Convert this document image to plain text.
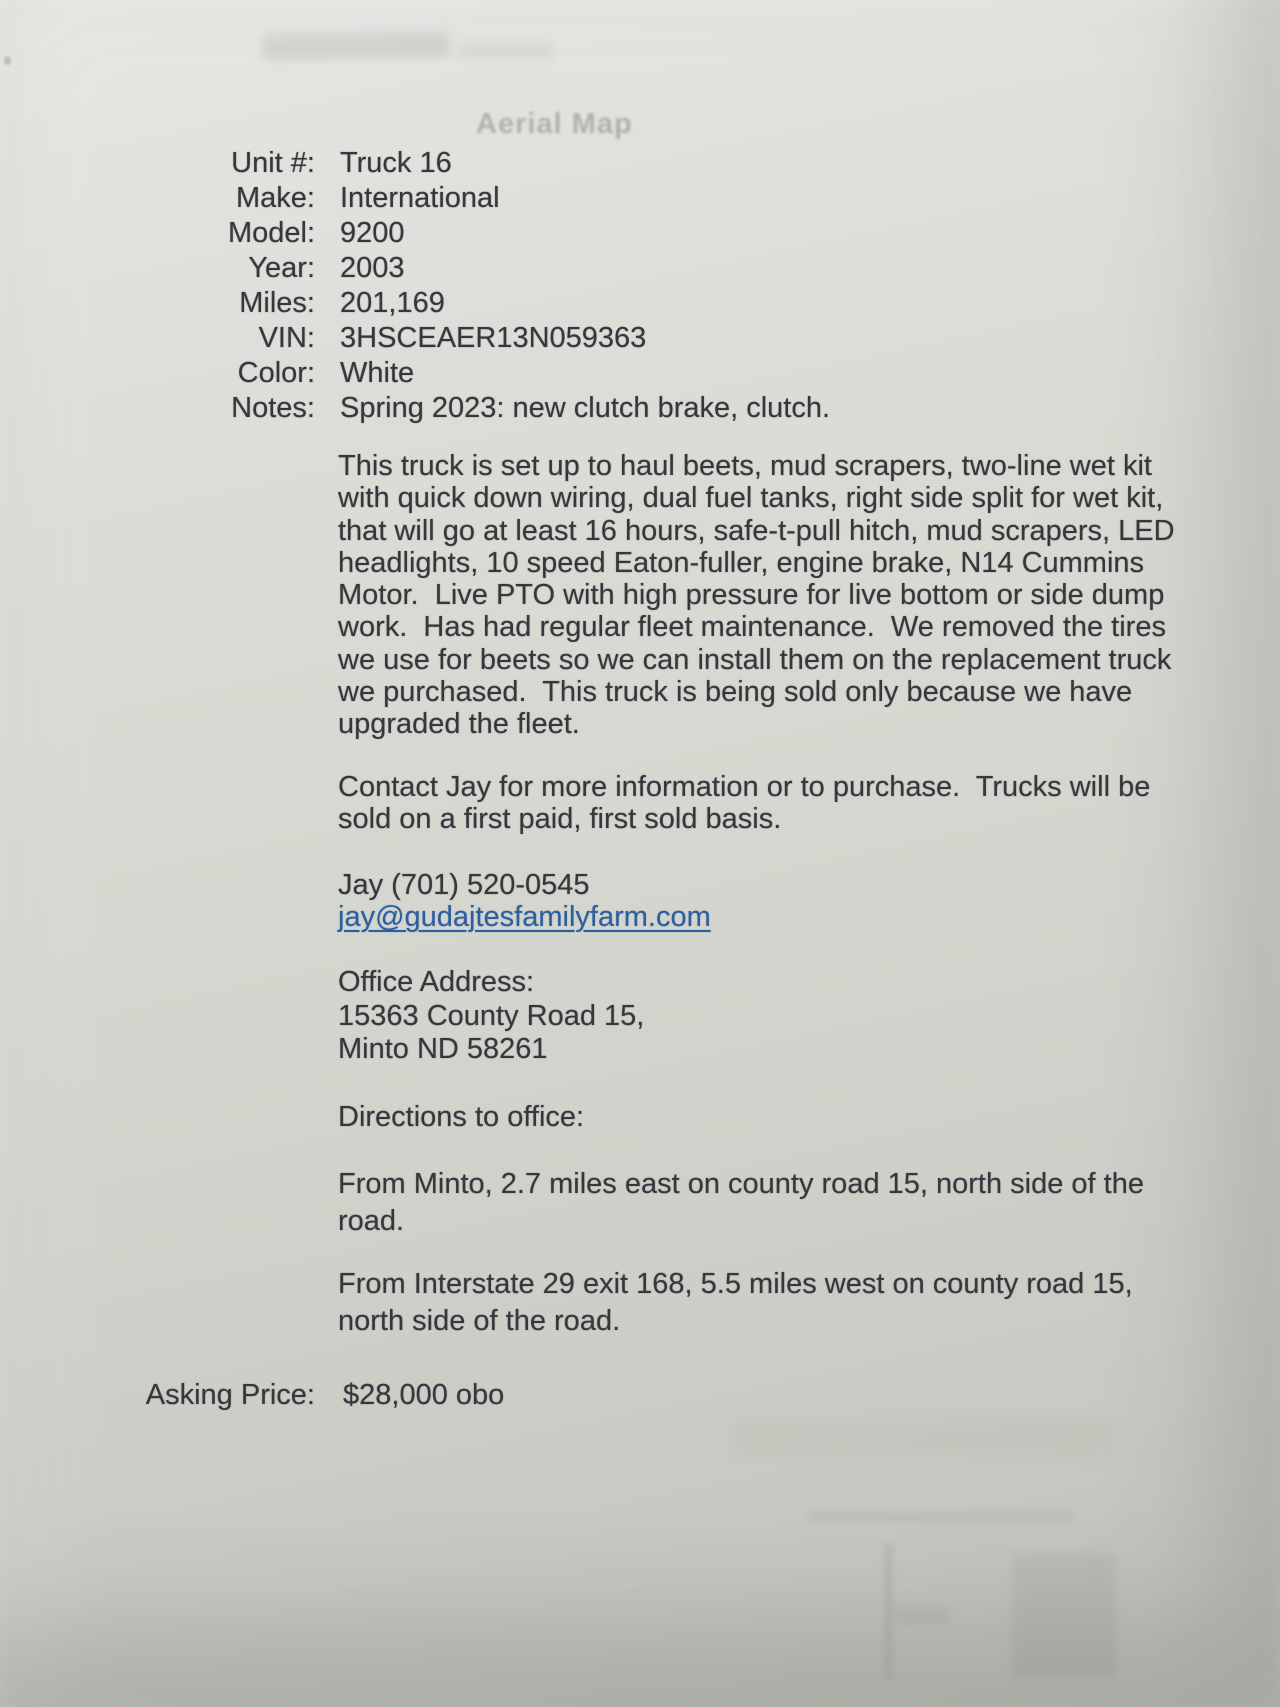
Aerial Map
Unit #: Truck 16
Make: International
Model: 9200
Year: 2003
Miles: 201,169
VIN: 3HSCEAER13N059363
Color: White
Notes: Spring 2023: new clutch brake, clutch.
This truck is set up to haul beets, mud scrapers, two-line wet kit
with quick down wiring, dual fuel tanks, right side split for wet kit,
that will go at least 16 hours, safe-t-pull hitch, mud scrapers, LED
headlights, 10 speed Eaton-fuller, engine brake, N14 Cummins
Motor.  Live PTO with high pressure for live bottom or side dump
work.  Has had regular fleet maintenance.  We removed the tires
we use for beets so we can install them on the replacement truck
we purchased.  This truck is being sold only because we have
upgraded the fleet.
Contact Jay for more information or to purchase.  Trucks will be
sold on a first paid, first sold basis.
Jay (701) 520-0545
jay@gudajtesfamilyfarm.com
Office Address:
15363 County Road 15,
Minto ND 58261
Directions to office:
From Minto, 2.7 miles east on county road 15, north side of the
road.
From Interstate 29 exit 168, 5.5 miles west on county road 15,
north side of the road.
Asking Price: $28,000 obo
